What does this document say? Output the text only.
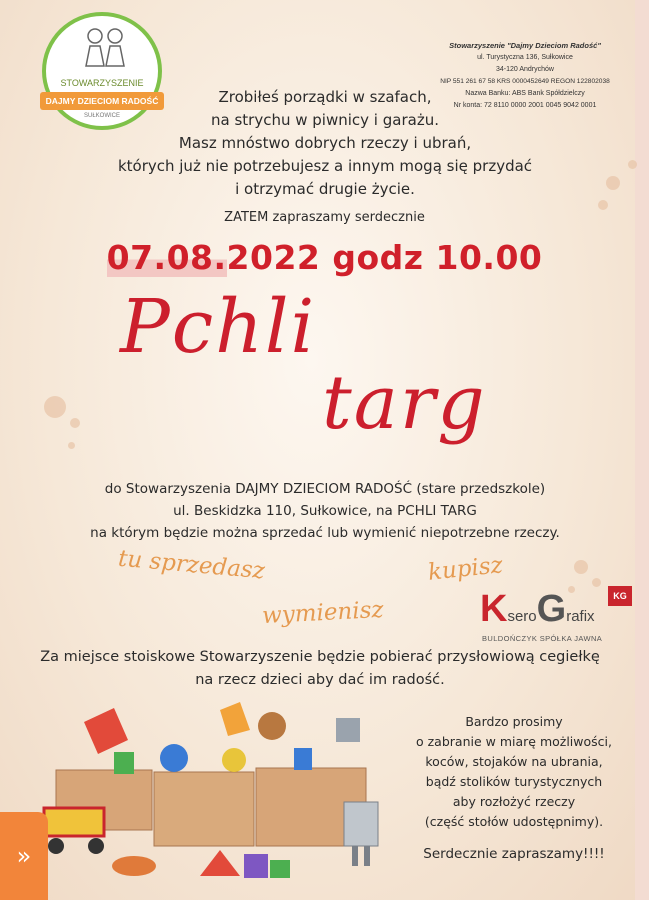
STOWARZYSZENIE
DAJMY DZIECIOM RADOŚĆ
SUŁKOWICE
Stowarzyszenie "Dajmy Dzieciom Radość"
ul. Turystyczna 136, Sułkowice
34-120 Andrychów
NIP 551 261 67 58 KRS 0000452649 REGON 122802038
Nazwa Banku: ABS Bank Spółdzielczy
Nr konta: 72 8110 0000 2001 0045 9042 0001
Zrobiłeś porządki w szafach,
na strychu w piwnicy i garażu.
Masz mnóstwo dobrych rzeczy i ubrań,
których już nie potrzebujesz a innym mogą się przydać
i otrzymać drugie życie.
ZATEM zapraszamy serdecznie
07.08.2022 godz 10.00
Pchli
targ
do Stowarzyszenia DAJMY DZIECIOM RADOŚĆ (stare przedszkole)
ul. Beskidzka 110, Sułkowice, na PCHLI TARG
na którym będzie można sprzedać lub wymienić niepotrzebne rzeczy.
tu sprzedasz	kupisz
wymienisz	KseroGrafix
BULDOŃCZYK SPÓŁKA JAWNA
KG
Za miejsce stoiskowe Stowarzyszenie będzie pobierać przysłowiową cegiełkę
na rzecz dzieci aby dać im radość.
Bardzo prosimy
o zabranie w miarę możliwości,
koców, stojaków na ubrania,
bądź stolików turystycznych
aby rozłożyć rzeczy
(część stołów udostępnimy).
Serdecznie zapraszamy!!!!
»
